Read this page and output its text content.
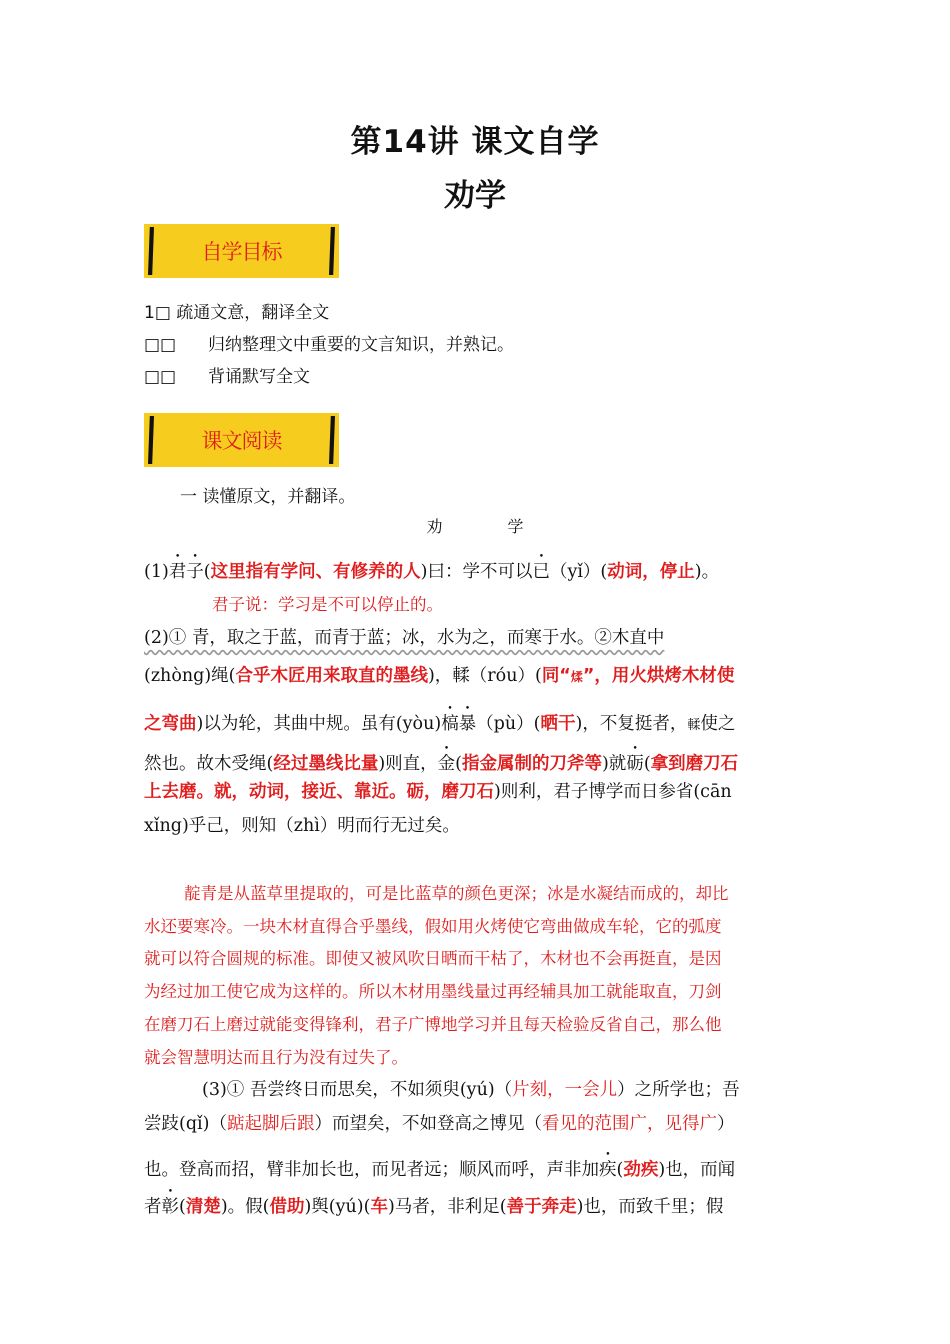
第14讲 课文自学
劝学
自学目标
1□ 疏通文意，翻译全文
□□ 归纳整理文中重要的文言知识，并熟记。
□□ 背诵默写全文
课文阅读
一 读懂原文，并翻译。
劝 学
(1)君子(这里指有学问、有修养的人)曰：学不可以已（yǐ）(动词，停止)。
君子说：学习是不可以停止的。
(2)① 青，取之于蓝，而青于蓝；冰，水为之，而寒于水。②木直中
(zhòng)绳(合乎木匠用来取直的墨线)，輮（róu）(同“煣”，用火烘烤木材使
之弯曲)以为轮，其曲中规。虽有(yòu)槁暴（pù）(晒干)，不复挺者，輮使之
然也。故木受绳(经过墨线比量)则直，金(指金属制的刀斧等)就砺(拿到磨刀石
上去磨。就，动词，接近、靠近。砺，磨刀石)则利，君子博学而日参省(cān
xǐng)乎己，则知（zhì）明而行无过矣。
靛青是从蓝草里提取的，可是比蓝草的颜色更深；冰是水凝结而成的，却比
水还要寒冷。一块木材直得合乎墨线，假如用火烤使它弯曲做成车轮，它的弧度
就可以符合圆规的标准。即使又被风吹日晒而干枯了，木材也不会再挺直，是因
为经过加工使它成为这样的。所以木材用墨线量过再经辅具加工就能取直，刀剑
在磨刀石上磨过就能变得锋利，君子广博地学习并且每天检验反省自己，那么他
就会智慧明达而且行为没有过失了。
(3)① 吾尝终日而思矣，不如须臾(yú)（片刻，一会儿）之所学也；吾
尝跂(qǐ)（踮起脚后跟）而望矣，不如登高之博见（看见的范围广，见得广）
也。登高而招，臂非加长也，而见者远；顺风而呼，声非加疾(劲疾)也，而闻
者彰(清楚)。假(借助)舆(yú)(车)马者，非利足(善于奔走)也，而致千里；假
